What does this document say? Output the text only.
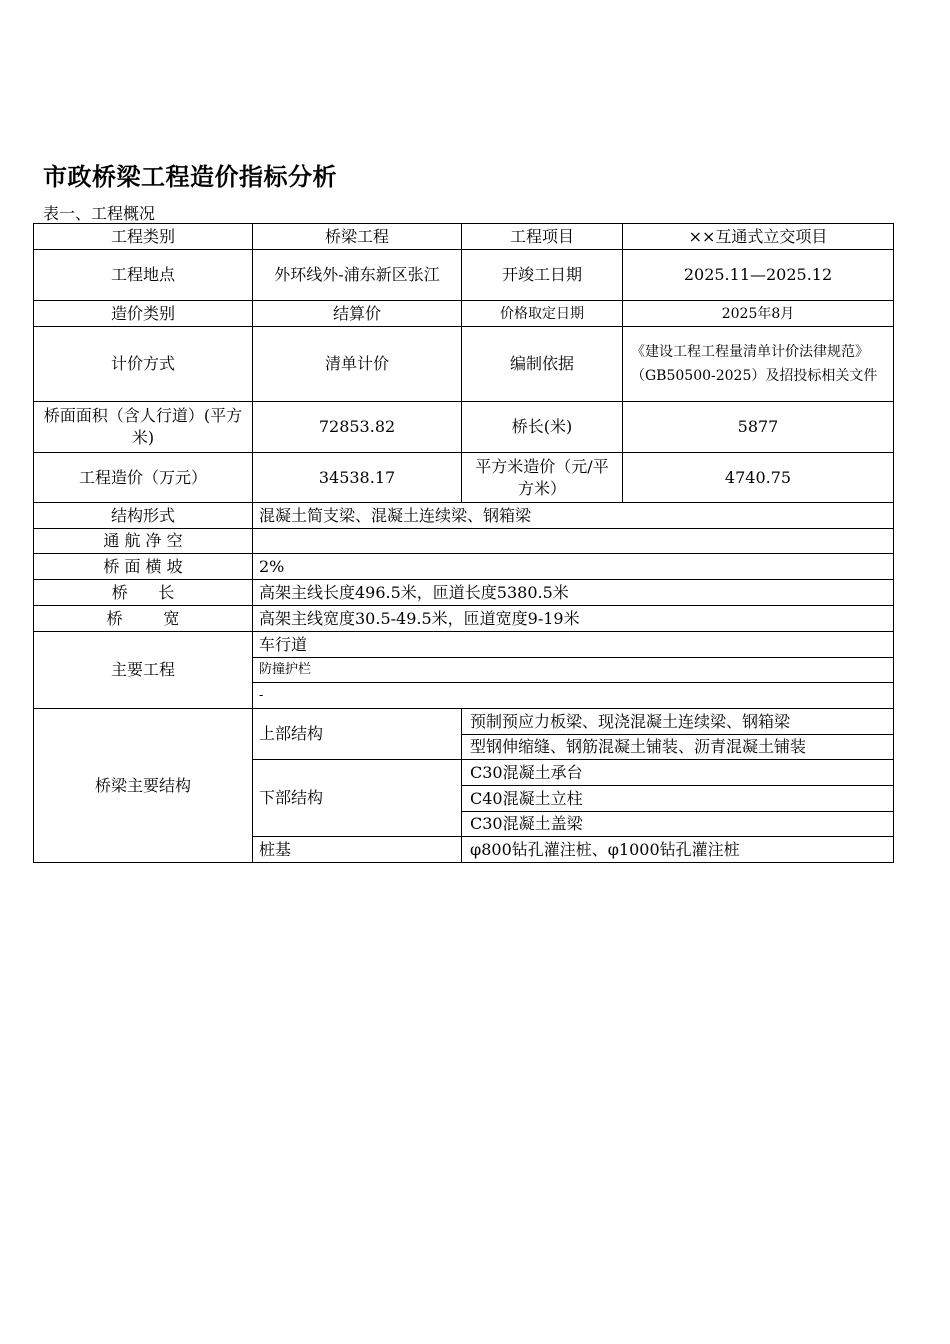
市政桥梁工程造价指标分析
表一、工程概况
工程类别	桥梁工程	工程项目	××互通式立交项目
工程地点	外环线外-浦东新区张江	开竣工日期	2025.11—2025.12
造价类别	结算价	价格取定日期	2025年8月
计价方式	清单计价	编制依据	《建设工程工程量清单计价法律规范》（GB50500-2025）及招投标相关文件
桥面面积（含人行道）(平方米)	72853.82	桥长(米)	5877
工程造价（万元）	34538.17	平方米造价（元/平方米）	4740.75
结构形式	混凝土简支梁、混凝土连续梁、钢箱梁		
通 航 净 空			
桥 面 横 坡	2%		
桥      长	高架主线长度496.5米，匝道长度5380.5米		
桥        宽	高架主线宽度30.5-49.5米，匝道宽度9-19米		
主要工程	车行道		
	防撞护栏		
	-		
桥梁主要结构	上部结构	预制预应力板梁、现浇混凝土连续梁、钢箱梁	
		型钢伸缩缝、钢筋混凝土铺装、沥青混凝土铺装	
	下部结构	C30混凝土承台	
		C40混凝土立柱	
		C30混凝土盖梁	
	桩基	φ800钻孔灌注桩、φ1000钻孔灌注桩	
